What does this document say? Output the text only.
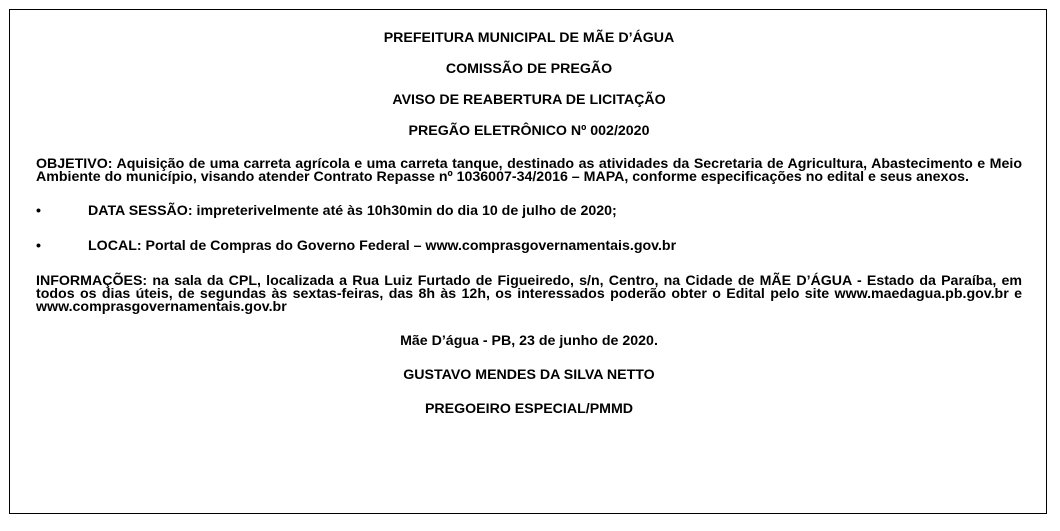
PREFEITURA MUNICIPAL DE MÃE D’ÁGUA
COMISSÃO DE PREGÃO
AVISO DE REABERTURA DE LICITAÇÃO
PREGÃO ELETRÔNICO Nº 002/2020
OBJETIVO: Aquisição de uma carreta agrícola e uma carreta tanque, destinado as atividades da Secretaria de Agricultura, Abastecimento e Meio Ambiente do município, visando atender Contrato Repasse nº 1036007-34/2016 – MAPA, conforme especificações no edital e seus anexos.
•	DATA SESSÃO: impreterivelmente até às 10h30min do dia 10 de julho de 2020;
•	LOCAL: Portal de Compras do Governo Federal – www.comprasgovernamentais.gov.br
INFORMAÇÕES: na sala da CPL, localizada a Rua Luiz Furtado de Figueiredo, s/n, Centro, na Cidade de MÃE D’ÁGUA - Estado da Paraíba, em todos os dias úteis, de segundas às sextas-feiras, das 8h às 12h, os interessados poderão obter o Edital pelo site www.maedagua.pb.gov.br e www.comprasgovernamentais.gov.br
Mãe D’água - PB, 23 de junho de 2020.
GUSTAVO MENDES DA SILVA NETTO
PREGOEIRO ESPECIAL/PMMD
